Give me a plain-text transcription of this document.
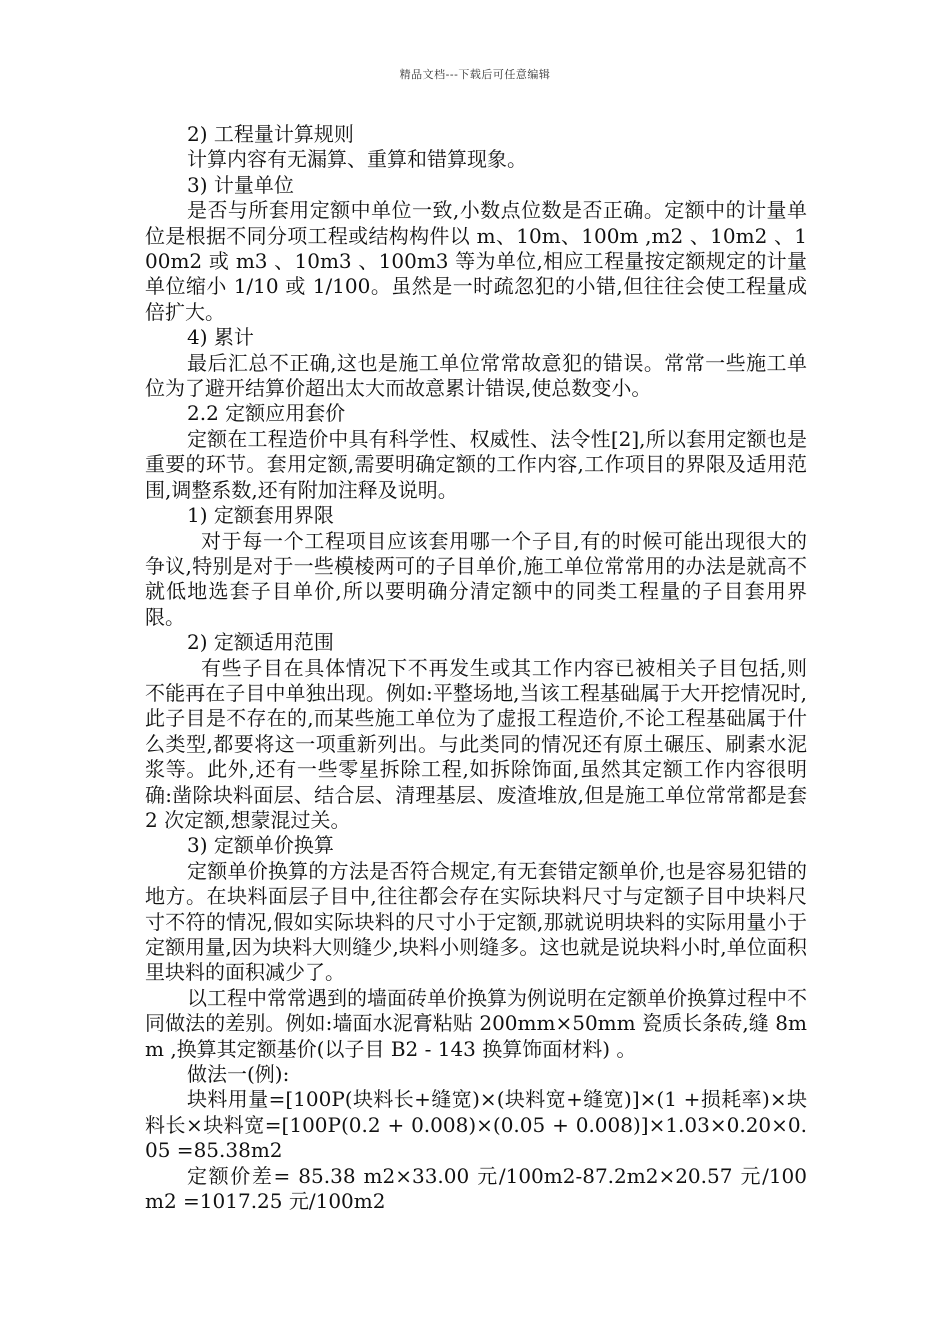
精品文档---下载后可任意编辑

2) 工程量计算规则

计算内容有无漏算、重算和错算现象。

3) 计量单位

是否与所套用定额中单位一致,小数点位数是否正确。定额中的计量单位是根据不同分项工程或结构构件以 m、10m、100m ,m2 、10m2 、100m2 或 m3 、10m3 、100m3 等为单位,相应工程量按定额规定的计量单位缩小 1/10 或 1/100。虽然是一时疏忽犯的小错,但往往会使工程量成倍扩大。

4) 累计

最后汇总不正确,这也是施工单位常常故意犯的错误。常常一些施工单位为了避开结算价超出太大而故意累计错误,使总数变小。

2.2 定额应用套价

定额在工程造价中具有科学性、权威性、法令性[2],所以套用定额也是重要的环节。套用定额,需要明确定额的工作内容,工作项目的界限及适用范围,调整系数,还有附加注释及说明。

1) 定额套用界限

对于每一个工程项目应该套用哪一个子目,有的时候可能出现很大的争议,特别是对于一些模棱两可的子目单价,施工单位常常用的办法是就高不就低地选套子目单价,所以要明确分清定额中的同类工程量的子目套用界限。

2) 定额适用范围

有些子目在具体情况下不再发生或其工作内容已被相关子目包括,则不能再在子目中单独出现。例如:平整场地,当该工程基础属于大开挖情况时,此子目是不存在的,而某些施工单位为了虚报工程造价,不论工程基础属于什么类型,都要将这一项重新列出。与此类同的情况还有原土碾压、刷素水泥浆等。此外,还有一些零星拆除工程,如拆除饰面,虽然其定额工作内容很明确:凿除块料面层、结合层、清理基层、废渣堆放,但是施工单位常常都是套 2 次定额,想蒙混过关。

3) 定额单价换算

定额单价换算的方法是否符合规定,有无套错定额单价,也是容易犯错的地方。在块料面层子目中,往往都会存在实际块料尺寸与定额子目中块料尺寸不符的情况,假如实际块料的尺寸小于定额,那就说明块料的实际用量小于定额用量,因为块料大则缝少,块料小则缝多。这也就是说块料小时,单位面积里块料的面积减少了。

以工程中常常遇到的墙面砖单价换算为例说明在定额单价换算过程中不同做法的差别。例如:墙面水泥膏粘贴 200mm×50mm 瓷质长条砖,缝 8mm ,换算其定额基价(以子目 B2 - 143 换算饰面材料) 。

做法一(例):

块料用量=[100P(块料长+缝宽)×(块料宽+缝宽)]×(1 +损耗率)×块料长×块料宽=[100P(0.2 + 0.008)×(0.05 + 0.008)]×1.03×0.20×0.05 =85.38m2

定额价差= 85.38 m2×33.00 元/100m2-87.2m2×20.57 元/100m2 =1017.25 元/100m2
